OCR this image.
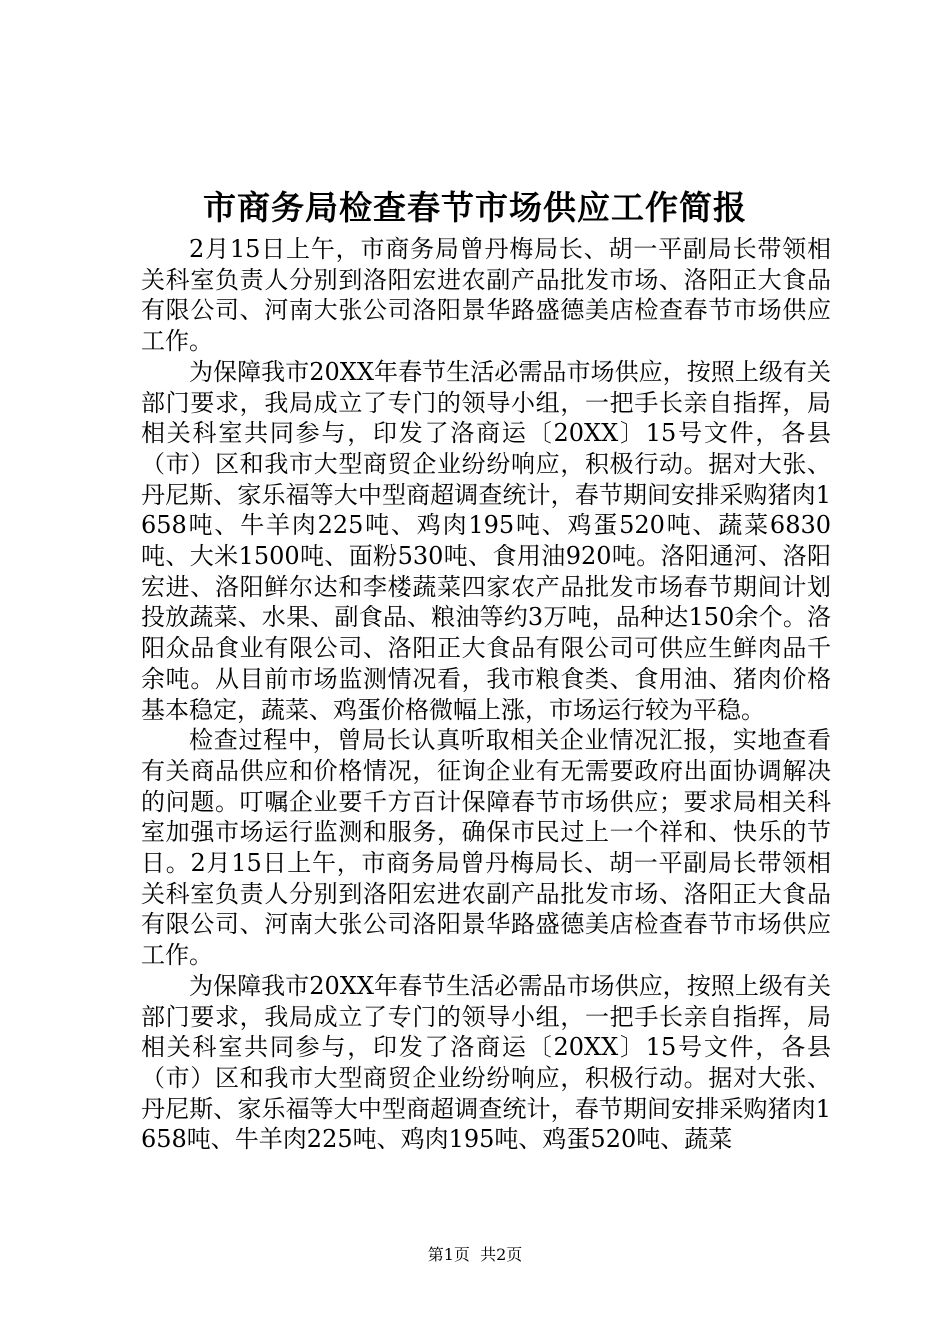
市商务局检查春节市场供应工作简报

2月15日上午，市商务局曾丹梅局长、胡一平副局长带领相关科室负责人分别到洛阳宏进农副产品批发市场、洛阳正大食品有限公司、河南大张公司洛阳景华路盛德美店检查春节市场供应工作。

为保障我市20XX年春节生活必需品市场供应，按照上级有关部门要求，我局成立了专门的领导小组，一把手长亲自指挥，局相关科室共同参与，印发了洛商运〔20XX〕15号文件，各县（市）区和我市大型商贸企业纷纷响应，积极行动。据对大张、丹尼斯、家乐福等大中型商超调查统计，春节期间安排采购猪肉1658吨、牛羊肉225吨、鸡肉195吨、鸡蛋520吨、蔬菜6830吨、大米1500吨、面粉530吨、食用油920吨。洛阳通河、洛阳宏进、洛阳鲜尔达和李楼蔬菜四家农产品批发市场春节期间计划投放蔬菜、水果、副食品、粮油等约3万吨，品种达150余个。洛阳众品食业有限公司、洛阳正大食品有限公司可供应生鲜肉品千余吨。从目前市场监测情况看，我市粮食类、食用油、猪肉价格基本稳定，蔬菜、鸡蛋价格微幅上涨，市场运行较为平稳。

检查过程中，曾局长认真听取相关企业情况汇报，实地查看有关商品供应和价格情况，征询企业有无需要政府出面协调解决的问题。叮嘱企业要千方百计保障春节市场供应；要求局相关科室加强市场运行监测和服务，确保市民过上一个祥和、快乐的节日。2月15日上午，市商务局曾丹梅局长、胡一平副局长带领相关科室负责人分别到洛阳宏进农副产品批发市场、洛阳正大食品有限公司、河南大张公司洛阳景华路盛德美店检查春节市场供应工作。

为保障我市20XX年春节生活必需品市场供应，按照上级有关部门要求，我局成立了专门的领导小组，一把手长亲自指挥，局相关科室共同参与，印发了洛商运〔20XX〕15号文件，各县（市）区和我市大型商贸企业纷纷响应，积极行动。据对大张、丹尼斯、家乐福等大中型商超调查统计，春节期间安排采购猪肉1658吨、牛羊肉225吨、鸡肉195吨、鸡蛋520吨、蔬菜

第1页  共2页
